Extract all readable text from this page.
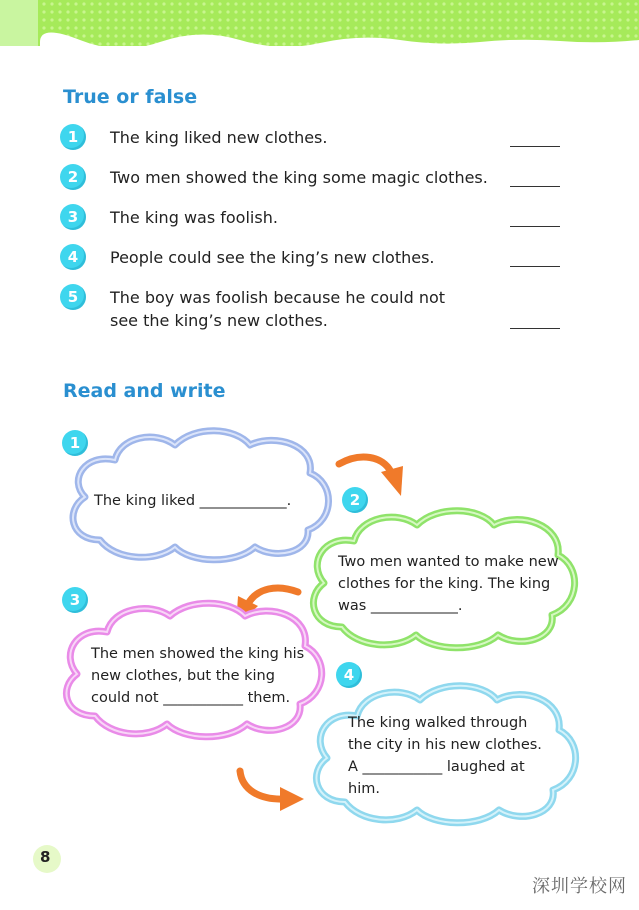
True or false
1	The king liked new clothes.
2	Two men showed the king some magic clothes.
3	The king was foolish.
4	People could see the king’s new clothes.
5	The boy was foolish because he could not see the king’s new clothes.
Read and write
1
The king liked ____________.	2
Two men wanted to make new clothes for the king. The king was ____________.
3
The men showed the king his new clothes, but the king could not ___________ them.
4
The king walked through the city in his new clothes. A ___________ laughed at him.
8
深圳学校网
